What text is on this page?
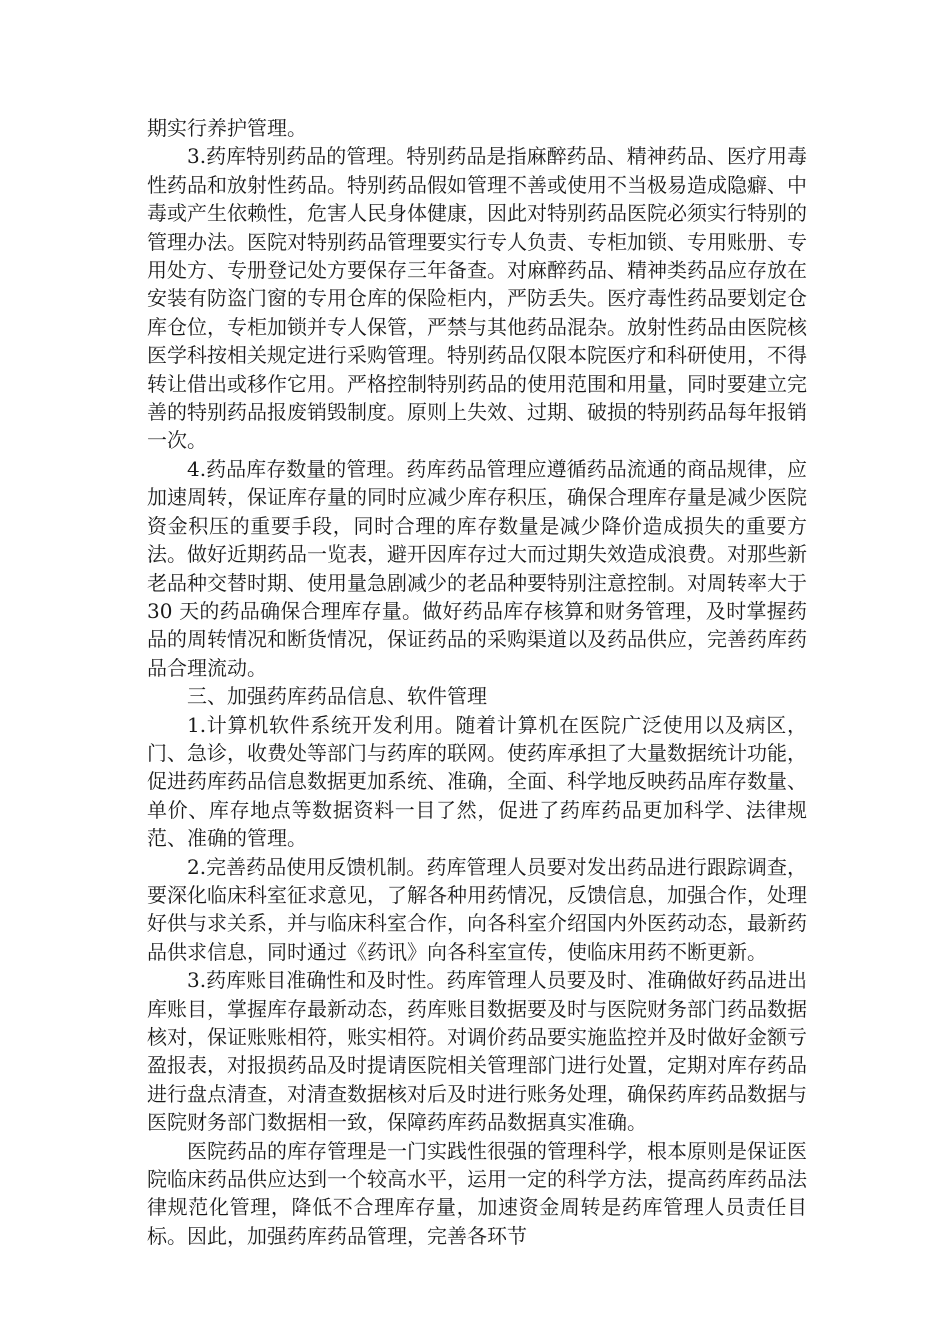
期实行养护管理。

3.药库特别药品的管理。特别药品是指麻醉药品、精神药品、医疗用毒性药品和放射性药品。特别药品假如管理不善或使用不当极易造成隐癖、中毒或产生依赖性，危害人民身体健康，因此对特别药品医院必须实行特别的管理办法。医院对特别药品管理要实行专人负责、专柜加锁、专用账册、专用处方、专册登记处方要保存三年备查。对麻醉药品、精神类药品应存放在安装有防盗门窗的专用仓库的保险柜内，严防丢失。医疗毒性药品要划定仓库仓位，专柜加锁并专人保管，严禁与其他药品混杂。放射性药品由医院核医学科按相关规定进行采购管理。特别药品仅限本院医疗和科研使用，不得转让借出或移作它用。严格控制特别药品的使用范围和用量，同时要建立完善的特别药品报废销毁制度。原则上失效、过期、破损的特别药品每年报销一次。

4.药品库存数量的管理。药库药品管理应遵循药品流通的商品规律，应加速周转，保证库存量的同时应减少库存积压，确保合理库存量是减少医院资金积压的重要手段，同时合理的库存数量是减少降价造成损失的重要方法。做好近期药品一览表，避开因库存过大而过期失效造成浪费。对那些新老品种交替时期、使用量急剧减少的老品种要特别注意控制。对周转率大于 30 天的药品确保合理库存量。做好药品库存核算和财务管理，及时掌握药品的周转情况和断货情况，保证药品的采购渠道以及药品供应，完善药库药品合理流动。

三、加强药库药品信息、软件管理

1.计算机软件系统开发利用。随着计算机在医院广泛使用以及病区，门、急诊，收费处等部门与药库的联网。使药库承担了大量数据统计功能，促进药库药品信息数据更加系统、准确，全面、科学地反映药品库存数量、单价、库存地点等数据资料一目了然，促进了药库药品更加科学、法律规范、准确的管理。

2.完善药品使用反馈机制。药库管理人员要对发出药品进行跟踪调查，要深化临床科室征求意见，了解各种用药情况，反馈信息，加强合作，处理好供与求关系，并与临床科室合作，向各科室介绍国内外医药动态，最新药品供求信息，同时通过《药讯》向各科室宣传，使临床用药不断更新。

3.药库账目准确性和及时性。药库管理人员要及时、准确做好药品进出库账目，掌握库存最新动态，药库账目数据要及时与医院财务部门药品数据核对，保证账账相符，账实相符。对调价药品要实施监控并及时做好金额亏盈报表，对报损药品及时提请医院相关管理部门进行处置，定期对库存药品进行盘点清查，对清查数据核对后及时进行账务处理，确保药库药品数据与医院财务部门数据相一致，保障药库药品数据真实准确。

医院药品的库存管理是一门实践性很强的管理科学，根本原则是保证医院临床药品供应达到一个较高水平，运用一定的科学方法，提高药库药品法律规范化管理，降低不合理库存量，加速资金周转是药库管理人员责任目标。因此，加强药库药品管理，完善各环节
